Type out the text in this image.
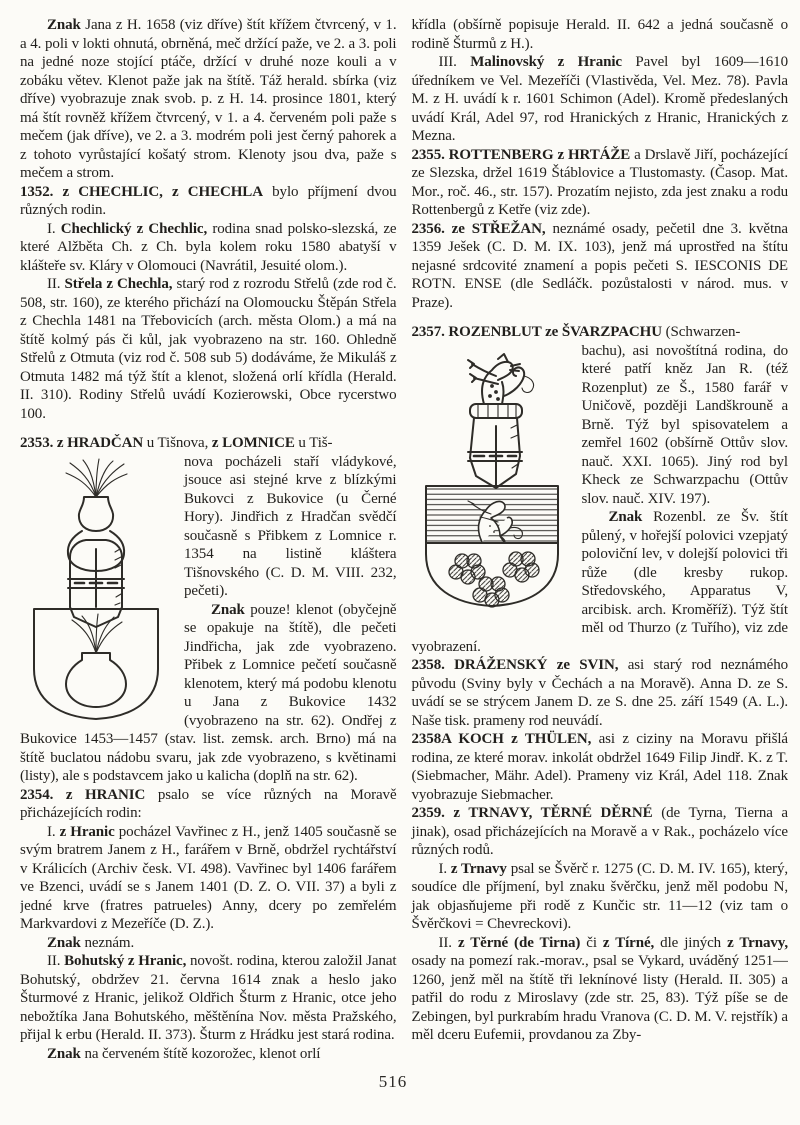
Znak Jana z H. 1658 (viz dříve) štít křížem čtvrcený, v 1. a 4. poli v lokti ohnutá, obrněná, meč držící paže, ve 2. a 3. poli na jedné noze stojící ptáče, držící v druhé noze kouli a v zobáku větev. Klenot paže jak na štítě. Táž herald. sbírka (viz dříve) vyobrazuje znak svob. p. z H. 14. prosince 1801, který má štít rovněž křížem čtvrcený, v 1. a 4. červeném poli paže s mečem (jak dříve), ve 2. a 3. modrém poli jest černý pahorek a z tohoto vyrůstající košatý strom. Klenoty jsou dva, paže s mečem a strom.

1352. z CHECHLIC, z CHECHLA bylo příjmení dvou různých rodin.

I. Chechlický z Chechlic, rodina snad polsko-slezská, ze které Alžběta Ch. z Ch. byla kolem roku 1580 abatyší v klášteře sv. Kláry v Olomouci (Navrátil, Jesuité olom.).

II. Střela z Chechla, starý rod z rozrodu Střelů (zde rod č. 508, str. 160), ze kterého přichází na Olomoucku Štěpán Střela z Chechla 1481 na Třebovicích (arch. města Olom.) a má na štítě kolmý pás či kůl, jak vyobrazeno na str. 160. Ohledně Střelů z Otmuta (viz rod č. 508 sub 5) dodáváme, že Mikuláš z Otmuta 1482 má týž štít a klenot, složená orlí křídla (Herald. II. 310). Rodiny Střelů uvádí Kozierowski, Obce rycerstwo 100.

2353. z HRADČAN u Tišnova, z LOMNICE u Tiš-

nova pocházeli staří vládykové, jsouce asi stejné krve z blízkými Bukovci z Bukovice (u Černé Hory). Jindřich z Hradčan svědčí současně s Přibkem z Lomnice r. 1354 na listině kláštera Tišnovského (C. D. M. VIII. 232, pečeti).

Znak pouze! klenot (obyčejně se opakuje na štítě), dle pečeti Jindřicha, jak zde vyobrazeno. Přibek z Lomnice pečetí současně klenotem, který má podobu klenotu u Jana z Bukovice 1432 (vyobrazeno na str. 62). Ondřej z Bukovice 1453—1457 (stav. list. zemsk. arch. Brno) má na štítě buclatou nádobu svaru, jak zde vyobrazeno, s květinami (listy), ale s podstavcem jako u kalicha (doplň na str. 62).

2354. z HRANIC psalo se více různých na Moravě přicházejících rodin:

I. z Hranic pocházel Vavřinec z H., jenž 1405 současně se svým bratrem Janem z H., farářem v Brně, obdržel rychtářství v Králicích (Archiv česk. VI. 498). Vavřinec byl 1406 farářem ve Bzenci, uvádí se s Janem 1401 (D. Z. O. VII. 37) a byli z jedné krve (fratres patrueles) Anny, dcery po zemřelém Markvardovi z Mezeříče (D. Z.).

Znak neznám.

II. Bohutský z Hranic, novošt. rodina, kterou založil Janat Bohutský, obdržev 21. června 1614 znak a heslo jako Šturmové z Hranic, jelikož Oldřich Šturm z Hranic, otce jeho nebožtíka Jana Bohutského, měštěnína Nov. města Pražského, přijal k erbu (Herald. II. 373). Šturm z Hrádku jest stará rodina.

Znak na červeném štítě kozorožec, klenot orlí

křídla (obšírně popisuje Herald. II. 642 a jedná současně o rodině Šturmů z H.).

III. Malinovský z Hranic Pavel byl 1609—1610 úředníkem ve Vel. Mezeříči (Vlastivěda, Vel. Mez. 78). Pavla M. z H. uvádí k r. 1601 Schimon (Adel). Kromě předeslaných uvádí Král, Adel 97, rod Hranických z Hranic, Hranických z Mezna.

2355. ROTTENBERG z HRTÁŽE a Drslavě Jiří, pocházející ze Slezska, držel 1619 Štáblovice a Tlustomasty. (Časop. Mat. Mor., roč. 46., str. 157). Prozatím nejisto, zda jest znaku a rodu Rottenbergů z Ketře (viz zde).

2356. ze STŘEŽAN, neznámé osady, pečetil dne 3. května 1359 Ješek (C. D. M. IX. 103), jenž má uprostřed na štítu nejasné srdcovité znamení a popis pečeti S. IESCONIS DE ROTN. ENSE (dle Sedláčk. pozůstalosti v národ. mus. v Praze).

2357. ROZENBLUT ze ŠVARZPACHU (Schwarzen-

bachu), asi novoštítná rodina, do které patří kněz Jan R. (též Rozenplut) ze Š., 1580 farář v Uničově, později Landškrouně a Brně. Týž byl spisovatelem a zemřel 1602 (obšírně Ottův slov. nauč. XXI. 1065). Jiný rod byl Kheck ze Schwarzpachu (Ottův slov. nauč. XIV. 197).

Znak Rozenbl. ze Šv. štít půlený, v hořejší polovici vzepjatý poloviční lev, v dolejší polovici tři růže (dle kresby rukop. Středovského, Apparatus V, arcibisk. arch. Kroměříž). Týž štít měl od Thurzo (z Tuřího), viz zde vyobrazení.

2358. DRÁŽENSKÝ ze SVIN, asi starý rod neznámého původu (Sviny byly v Čechách a na Moravě). Anna D. ze S. uvádí se se strýcem Janem D. ze S. dne 25. září 1549 (A. L.). Naše tisk. prameny rod neuvádí.

2358A KOCH z THÜLEN, asi z ciziny na Moravu přišlá rodina, ze které morav. inkolát obdržel 1649 Filip Jindř. K. z T. (Siebmacher, Mähr. Adel). Prameny viz Král, Adel 118. Znak vyobrazuje Siebmacher.

2359. z TRNAVY, TĚRNÉ DĚRNÉ (de Tyrna, Tierna a jinak), osad přicházejících na Moravě a v Rak., pocházelo více různých rodů.

I. z Trnavy psal se Švěrč r. 1275 (C. D. M. IV. 165), který, soudíce dle příjmení, byl znaku švěrčku, jenž měl podobu N, jak objasňujeme při rodě z Kunčic str. 11—12 (viz tam o Švěrčkovi = Chevreckovi).

II. z Těrné (de Tirna) či z Tírné, dle jiných z Trnavy, osady na pomezí rak.-morav., psal se Vykard, uváděný 1251—1260, jenž měl na štítě tři leknínové listy (Herald. II. 305) a patřil do rodu z Miroslavy (zde str. 25, 83). Týž píše se de Zebingen, byl purkrabím hradu Vranova (C. D. M. V. rejstřík) a měl dceru Eufemii, provdanou za Zby-

516
